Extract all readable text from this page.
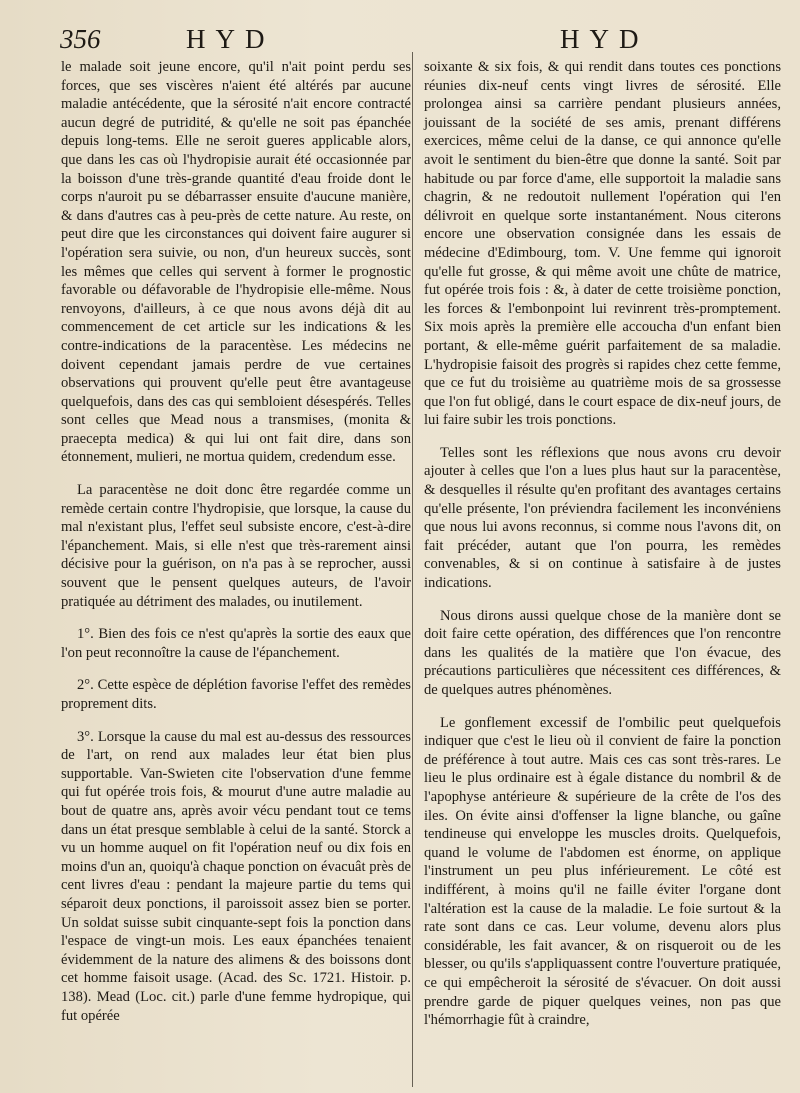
356	HYD	HYD

le malade soit jeune encore, qu'il n'ait point perdu ses forces, que ses viscères n'aient été altérés par aucune maladie antécédente, que la sérosité n'ait encore contracté aucun degré de putridité, & qu'elle ne soit pas épanchée depuis long-tems. Elle ne seroit gueres applicable alors, que dans les cas où l'hydropisie aurait été occasionnée par la boisson d'une très-grande quantité d'eau froide dont le corps n'auroit pu se débarrasser ensuite d'aucune manière, & dans d'autres cas à peu-près de cette nature. Au reste, on peut dire que les circonstances qui doivent faire augurer si l'opération sera suivie, ou non, d'un heureux succès, sont les mêmes que celles qui servent à former le prognostic favorable ou défavorable de l'hydropisie elle-même. Nous renvoyons, d'ailleurs, à ce que nous avons déjà dit au commencement de cet article sur les indications & les contre-indications de la paracentèse. Les médecins ne doivent cependant jamais perdre de vue certaines observations qui prouvent qu'elle peut être avantageuse quelquefois, dans des cas qui sembloient désespérés. Telles sont celles que Mead nous a transmises, (monita & praecepta medica) & qui lui ont fait dire, dans son étonnement, mulieri, ne mortua quidem, credendum esse.

La paracentèse ne doit donc être regardée comme un remède certain contre l'hydropisie, que lorsque, la cause du mal n'existant plus, l'effet seul subsiste encore, c'est-à-dire l'épanchement. Mais, si elle n'est que très-rarement ainsi décisive pour la guérison, on n'a pas à se reprocher, aussi souvent que le pensent quelques auteurs, de l'avoir pratiquée au détriment des malades, ou inutilement.

1°. Bien des fois ce n'est qu'après la sortie des eaux que l'on peut reconnoître la cause de l'épanchement.

2°. Cette espèce de déplétion favorise l'effet des remèdes proprement dits.

3°. Lorsque la cause du mal est au-dessus des ressources de l'art, on rend aux malades leur état bien plus supportable. Van-Swieten cite l'observation d'une femme qui fut opérée trois fois, & mourut d'une autre maladie au bout de quatre ans, après avoir vécu pendant tout ce tems dans un état presque semblable à celui de la santé. Storck a vu un homme auquel on fit l'opération neuf ou dix fois en moins d'un an, quoiqu'à chaque ponction on évacuât près de cent livres d'eau : pendant la majeure partie du tems qui séparoit deux ponctions, il paroissoit assez bien se porter. Un soldat suisse subit cinquante-sept fois la ponction dans l'espace de vingt-un mois. Les eaux épanchées tenaient évidemment de la nature des alimens & des boissons dont cet homme faisoit usage. (Acad. des Sc. 1721. Histoir. p. 138). Mead (Loc. cit.) parle d'une femme hydropique, qui fut opérée

soixante & six fois, & qui rendit dans toutes ces ponctions réunies dix-neuf cents vingt livres de sérosité. Elle prolongea ainsi sa carrière pendant plusieurs années, jouissant de la société de ses amis, prenant différens exercices, même celui de la danse, ce qui annonce qu'elle avoit le sentiment du bien-être que donne la santé. Soit par habitude ou par force d'ame, elle supportoit la maladie sans chagrin, & ne redoutoit nullement l'opération qui l'en délivroit en quelque sorte instantanément. Nous citerons encore une observation consignée dans les essais de médecine d'Edimbourg, tom. V. Une femme qui ignoroit qu'elle fut grosse, & qui même avoit une chûte de matrice, fut opérée trois fois : &, à dater de cette troisième ponction, les forces & l'embonpoint lui revinrent très-promptement. Six mois après la première elle accoucha d'un enfant bien portant, & elle-même guérit parfaitement de sa maladie. L'hydropisie faisoit des progrès si rapides chez cette femme, que ce fut du troisième au quatrième mois de sa grossesse que l'on fut obligé, dans le court espace de dix-neuf jours, de lui faire subir les trois ponctions.

Telles sont les réflexions que nous avons cru devoir ajouter à celles que l'on a lues plus haut sur la paracentèse, & desquelles il résulte qu'en profitant des avantages certains qu'elle présente, l'on préviendra facilement les inconvéniens que nous lui avons reconnus, si comme nous l'avons dit, on fait précéder, autant que l'on pourra, les remèdes convenables, & si on continue à satisfaire à de justes indications.

Nous dirons aussi quelque chose de la manière dont se doit faire cette opération, des différences que l'on rencontre dans les qualités de la matière que l'on évacue, des précautions particulières que nécessitent ces différences, & de quelques autres phénomènes.

Le gonflement excessif de l'ombilic peut quelquefois indiquer que c'est le lieu où il convient de faire la ponction de préférence à tout autre. Mais ces cas sont très-rares. Le lieu le plus ordinaire est à égale distance du nombril & de l'apophyse antérieure & supérieure de la crête de l'os des iles. On évite ainsi d'offenser la ligne blanche, ou gaîne tendineuse qui enveloppe les muscles droits. Quelquefois, quand le volume de l'abdomen est énorme, on applique l'instrument un peu plus inférieurement. Le côté est indifférent, à moins qu'il ne faille éviter l'organe dont l'altération est la cause de la maladie. Le foie surtout & la rate sont dans ce cas. Leur volume, devenu alors plus considérable, les fait avancer, & on risqueroit ou de les blesser, ou qu'ils s'appliquassent contre l'ouverture pratiquée, ce qui empêcheroit la sérosité de s'évacuer. On doit aussi prendre garde de piquer quelques veines, non pas que l'hémorrhagie fût à craindre,
